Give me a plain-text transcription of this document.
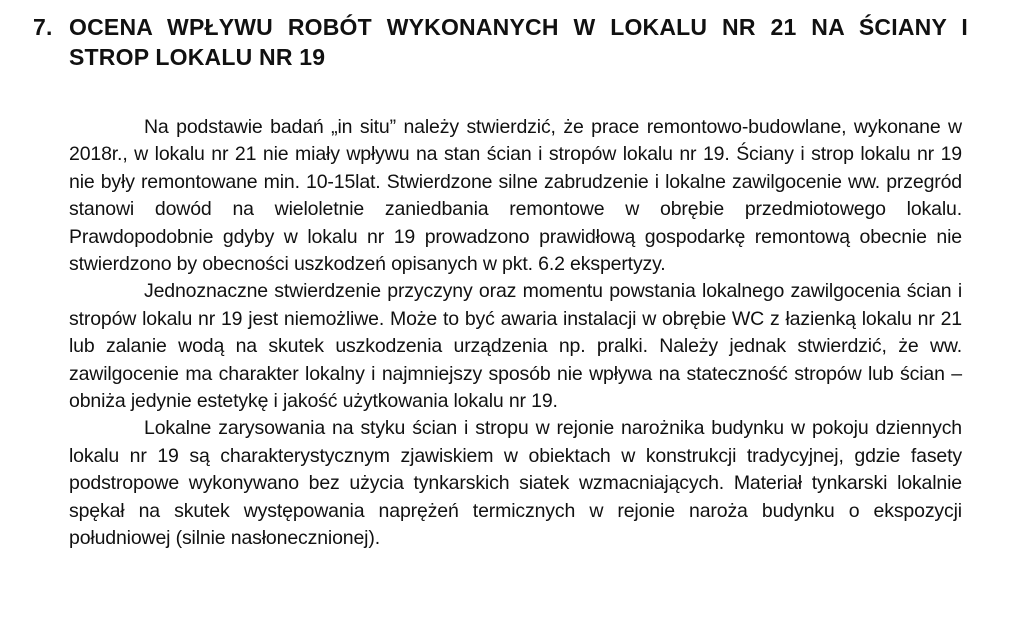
7. OCENA WPŁYWU ROBÓT WYKONANYCH W LOKALU NR 21 NA ŚCIANY I STROP LOKALU NR 19

Na podstawie badań „in situ” należy stwierdzić, że prace remontowo-budowlane, wykonane w 2018r., w lokalu nr 21 nie miały wpływu na stan ścian i stropów lokalu nr 19. Ściany i strop lokalu nr 19 nie były remontowane min. 10-15lat. Stwierdzone silne zabrudzenie i lokalne zawilgocenie ww. przegród stanowi dowód na wieloletnie zaniedbania remontowe w obrębie przedmiotowego lokalu. Prawdopodobnie gdyby w lokalu nr 19 prowadzono prawidłową gospodarkę remontową obecnie nie stwierdzono by obecności uszkodzeń opisanych w pkt. 6.2 ekspertyzy.

Jednoznaczne stwierdzenie przyczyny oraz momentu powstania lokalnego zawilgocenia ścian i stropów lokalu nr 19 jest niemożliwe. Może to być awaria instalacji w obrębie WC z łazienką lokalu nr 21 lub zalanie wodą na skutek uszkodzenia urządzenia np. pralki. Należy jednak stwierdzić, że ww. zawilgocenie ma charakter lokalny i najmniejszy sposób nie wpływa na stateczność stropów lub ścian – obniża jedynie estetykę i jakość użytkowania lokalu nr 19.

Lokalne zarysowania na styku ścian i stropu w rejonie narożnika budynku w pokoju dziennych lokalu nr 19 są charakterystycznym zjawiskiem w obiektach w konstrukcji tradycyjnej, gdzie fasety podstropowe wykonywano bez użycia tynkarskich siatek wzmacniających. Materiał tynkarski lokalnie spękał na skutek występowania naprężeń termicznych w rejonie naroża budynku o ekspozycji południowej (silnie nasłonecznionej).
